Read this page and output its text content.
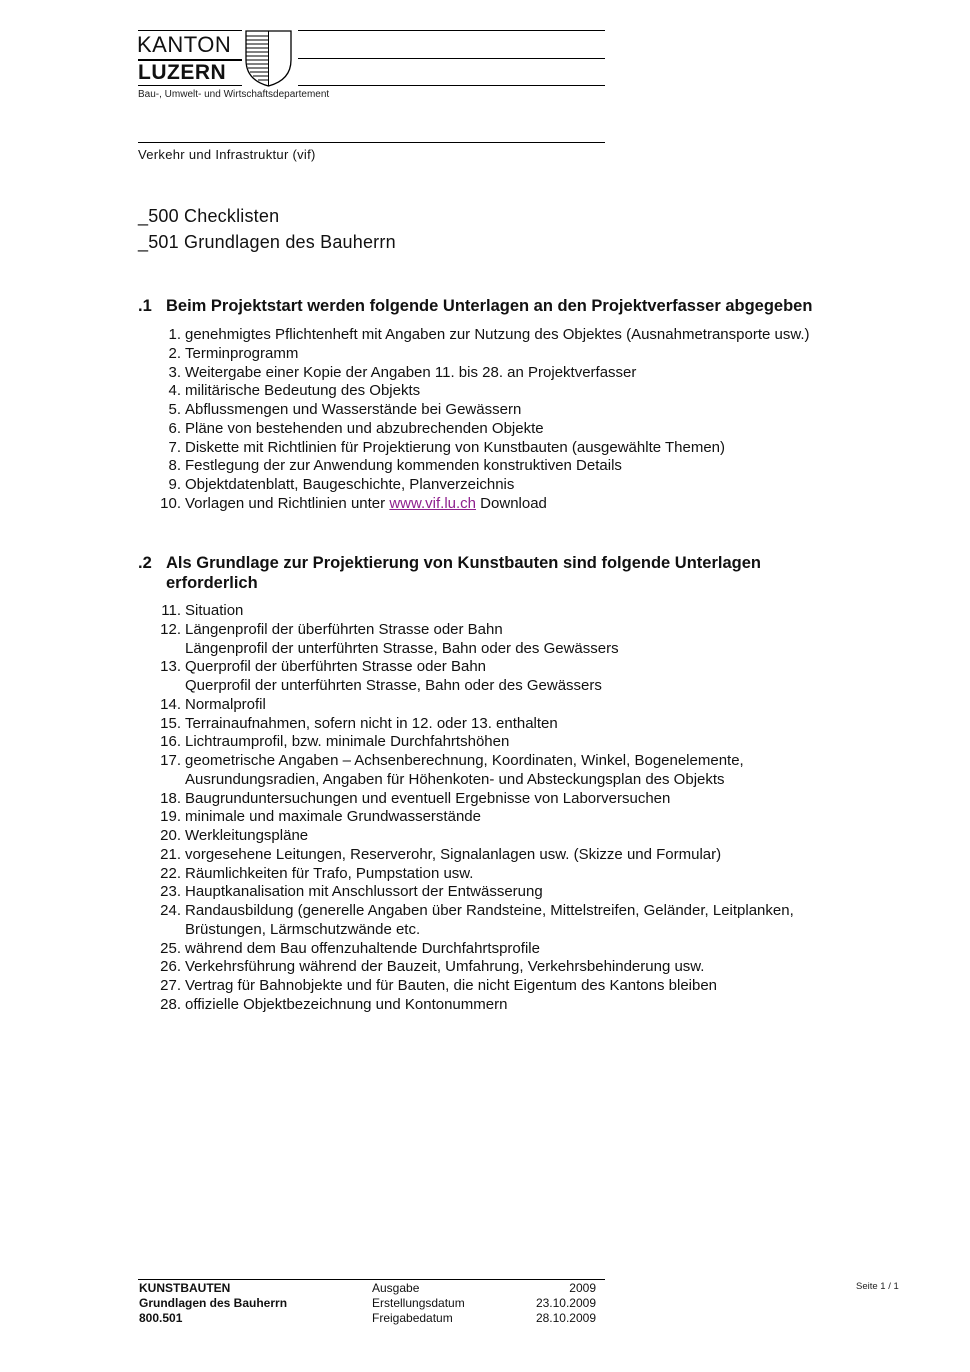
KANTON
LUZERN
Bau-, Umwelt- und Wirtschaftsdepartement
Verkehr und Infrastruktur (vif)
_500 Checklisten
_501 Grundlagen des Bauherrn
.1 Beim Projektstart werden folgende Unterlagen an den Projektverfasser abgegeben
1. genehmigtes Pflichtenheft mit Angaben zur Nutzung des Objektes (Ausnahmetransporte usw.)
2. Terminprogramm
3. Weitergabe einer Kopie der Angaben 11. bis 28. an Projektverfasser
4. militärische Bedeutung des Objekts
5. Abflussmengen und Wasserstände bei Gewässern
6. Pläne von bestehenden und abzubrechenden Objekte
7. Diskette mit Richtlinien für Projektierung von Kunstbauten (ausgewählte Themen)
8. Festlegung der zur Anwendung kommenden konstruktiven Details
9. Objektdatenblatt, Baugeschichte, Planverzeichnis
10. Vorlagen und Richtlinien unter www.vif.lu.ch Download
.2 Als Grundlage zur Projektierung von Kunstbauten sind folgende Unterlagen
erforderlich
11. Situation
12. Längenprofil der überführten Strasse oder Bahn
Längenprofil der unterführten Strasse, Bahn oder des Gewässers
13. Querprofil der überführten Strasse oder Bahn
Querprofil der unterführten Strasse, Bahn oder des Gewässers
14. Normalprofil
15. Terrainaufnahmen, sofern nicht in 12. oder 13. enthalten
16. Lichtraumprofil, bzw. minimale Durchfahrtshöhen
17. geometrische Angaben – Achsenberechnung, Koordinaten, Winkel, Bogenelemente,
Ausrundungsradien, Angaben für Höhenkoten- und Absteckungsplan des Objekts
18. Baugrunduntersuchungen und eventuell Ergebnisse von Laborversuchen
19. minimale und maximale Grundwasserstände
20. Werkleitungspläne
21. vorgesehene Leitungen, Reserverohr, Signalanlagen usw. (Skizze und Formular)
22. Räumlichkeiten für Trafo, Pumpstation usw.
23. Hauptkanalisation mit Anschlussort der Entwässerung
24. Randausbildung (generelle Angaben über Randsteine, Mittelstreifen, Geländer, Leitplanken,
Brüstungen, Lärmschutzwände etc.
25. während dem Bau offenzuhaltende Durchfahrtsprofile
26. Verkehrsführung während der Bauzeit, Umfahrung, Verkehrsbehinderung usw.
27. Vertrag für Bahnobjekte und für Bauten, die nicht Eigentum des Kantons bleiben
28. offizielle Objektbezeichnung und Kontonummern
KUNSTBAUTEN
Grundlagen des Bauherrn
800.501
Ausgabe
Erstellungsdatum
Freigabedatum
2009
23.10.2009
28.10.2009
Seite 1 / 1
